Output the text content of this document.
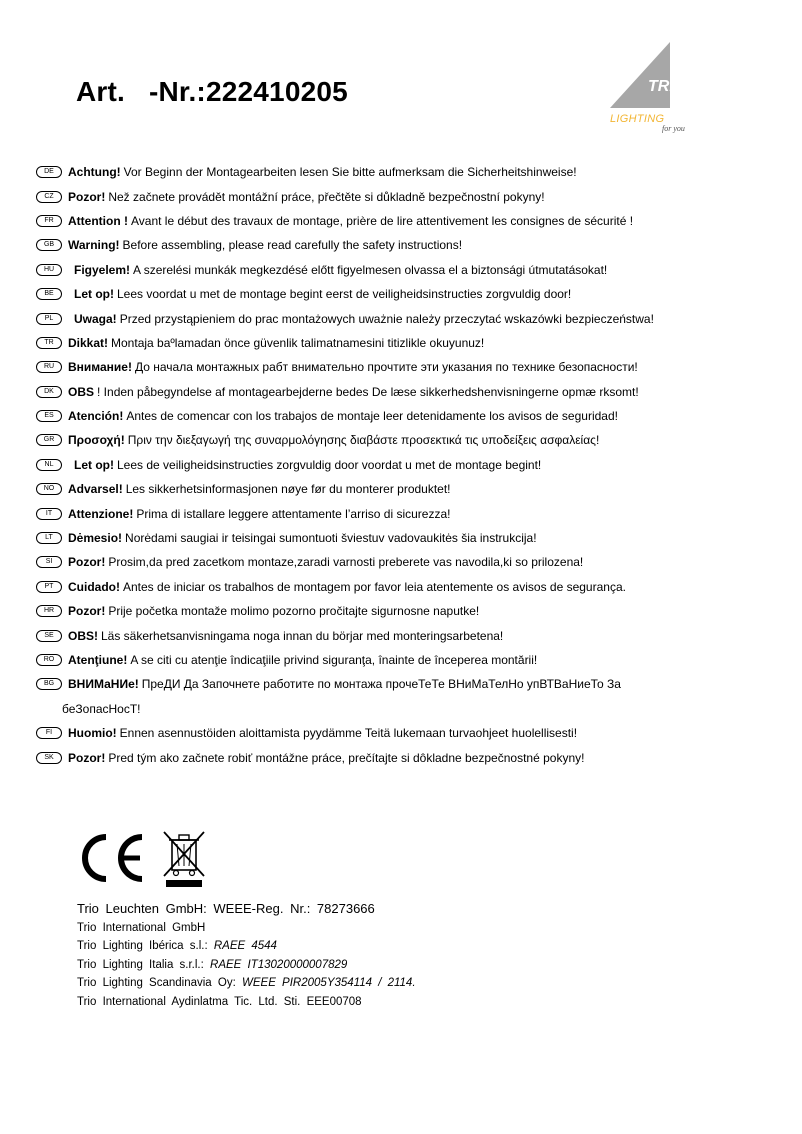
Art.   -Nr.:222410205	TRIO
LIGHTING
for you
DE	Achtung! Vor Beginn der Montagearbeiten lesen Sie bitte aufmerksam die Sicherheitshinweise!
CZ	Pozor! Než začnete provádět montážní práce, přečtěte si důkladně bezpečnostní pokyny!
FR	Attention ! Avant le début des travaux de montage, prière de lire attentivement les consignes de sécurité !
GB	Warning! Before assembling, please read carefully the safety instructions!
HU	Figyelem! A szerelési munkák megkezdésé előtt figyelmesen olvassa el a biztonsági útmutatásokat!
BE	Let op! Lees voordat u met de montage begint eerst de veiligheidsinstructies zorgvuldig door!
PL	Uwaga! Przed przystąpieniem do prac montażowych uważnie należy przeczytać wskazówki bezpieczeństwa!
TR	Dikkat! Montaja baºlamadan önce güvenlik talimatnamesini titizlikle okuyunuz!
RU	Внимание! До начала монтажных рабт внимательно прочтите эти указания по технике безопасности!
DK	OBS ! Inden påbegyndelse af montagearbejderne bedes De læse sikkerhedshenvisningerne opmæ rksomt!
ES	Atención! Antes de comencar con los trabajos de montaje leer detenidamente los avisos de seguridad!
GR	Προσοχή! Πριν την διεξαγωγή της συναρμολόγησης διαβάστε προσεκτικά τις υποδείξεις ασφαλείας!
NL	Let op! Lees de veiligheidsinstructies zorgvuldig door voordat u met de montage begint!
NO	Advarsel! Les sikkerhetsinformasjonen nøye før du monterer produktet!
IT	Attenzione! Prima di istallare leggere attentamente l’arriso di sicurezza!
LT	Dėmesio! Norėdami saugiai ir teisingai sumontuoti šviestuv vadovaukitės šia instrukcija!
SI	Pozor! Prosim,da pred zacetkom montaze,zaradi varnosti preberete vas navodila,ki so prilozena!
PT	Cuidado! Antes de iniciar os trabalhos de montagem por favor leia atentemente os avisos de segurança.
HR	Pozor! Prije početka montaže molimo pozorno pročitajte sigurnosne naputke!
SE	OBS! Läs säkerhetsanvisningama noga innan du börjar med monteringsarbetena!
RO	Atenţiune! A se citi cu atenţie îndicaţiile privind siguranţa, înainte de începerea montării!
BG	ВНИМаНИе! ПреДИ Да Започнете работите по монтажа прочеТеТе ВНиМаТелНо упВТВаНиеТо За
беЗопасНосТ!
FI	Huomio! Ennen asennustöiden aloittamista pyydämme Teitä lukemaan turvaohjeet huolellisesti!
SK	Pozor! Pred tým ako začnete robiť montážne práce, prečítajte si dôkladne bezpečnostné pokyny!
Trio Leuchten GmbH: WEEE-Reg. Nr.: 78273666
Trio International GmbH
Trio Lighting Ibérica s.l.: RAEE 4544
Trio Lighting Italia s.r.l.: RAEE IT13020000007829
Trio Lighting Scandinavia Oy: WEEE PIR2005Y354114 / 2114.
Trio International Aydinlatma Tic. Ltd. Sti. EEE00708
